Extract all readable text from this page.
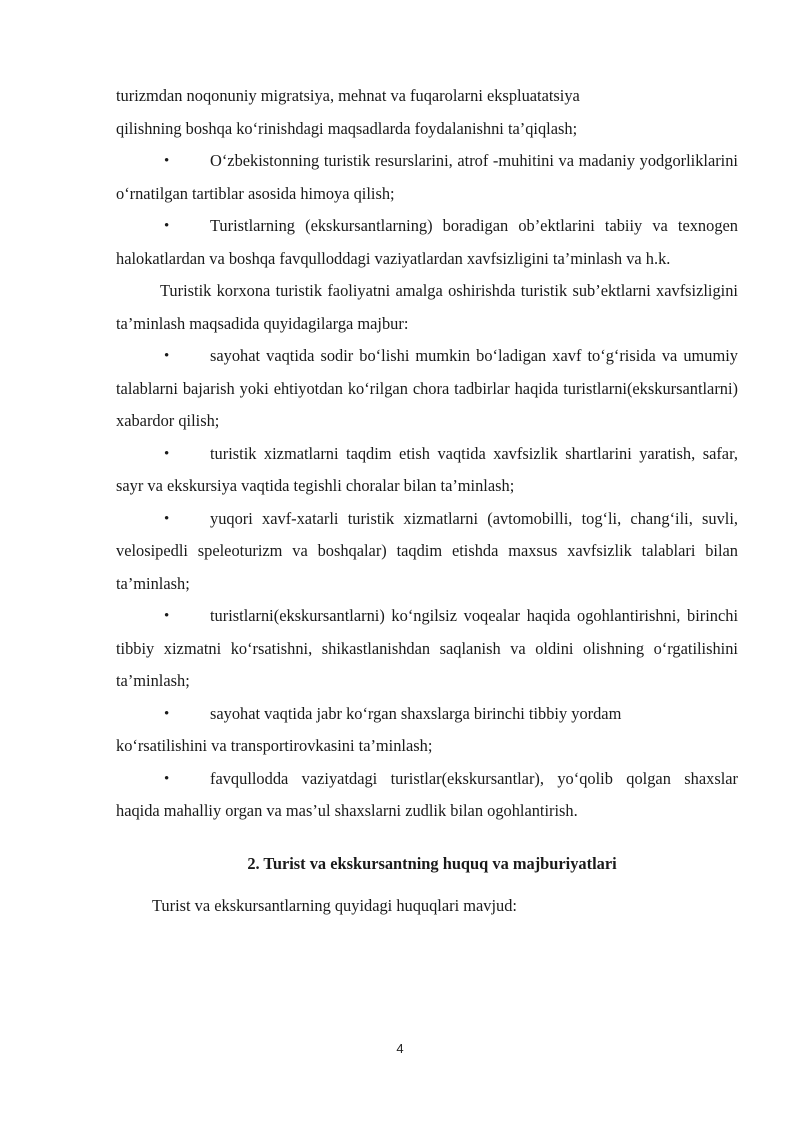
turizmdan noqonuniy migratsiya, mehnat va fuqarolarni ekspluatatsiya

qilishning boshqa ko‘rinishdagi maqsadlarda foydalanishni ta’qiqlash;

• O‘zbekistonning turistik resurslarini, atrof -muhitini va madaniy yodgorliklarini o‘rnatilgan tartiblar asosida himoya qilish;

• Turistlarning (ekskursantlarning) boradigan ob’ektlarini tabiiy va texnogen halokatlardan va boshqa favqulloddagi vaziyatlardan xavfsizligini ta’minlash va h.k.

Turistik korxona turistik faoliyatni amalga oshirishda turistik sub’ektlarni xavfsizligini ta’minlash maqsadida quyidagilarga majbur:

• sayohat vaqtida sodir bo‘lishi mumkin bo‘ladigan xavf to‘g‘risida va umumiy talablarni bajarish yoki ehtiyotdan ko‘rilgan chora tadbirlar haqida turistlarni(ekskursantlarni) xabardor qilish;

• turistik xizmatlarni taqdim etish vaqtida xavfsizlik shartlarini yaratish, safar, sayr va ekskursiya vaqtida tegishli choralar bilan ta’minlash;

• yuqori xavf-xatarli turistik xizmatlarni (avtomobilli, tog‘li, chang‘ili, suvli, velosipedli speleoturizm va boshqalar) taqdim etishda maxsus xavfsizlik talablari bilan ta’minlash;

• turistlarni(ekskursantlarni) ko‘ngilsiz voqealar haqida ogohlantirishni, birinchi tibbiy xizmatni ko‘rsatishni, shikastlanishdan saqlanish va oldini olishning o‘rgatilishini ta’minlash;

• sayohat vaqtida jabr ko‘rgan shaxslarga birinchi tibbiy yordam

ko‘rsatilishini va transportirovkasini ta’minlash;

• favqullodda vaziyatdagi turistlar(ekskursantlar), yo‘qolib qolgan shaxslar haqida mahalliy organ va mas’ul shaxslarni zudlik bilan ogohlantirish.

2. Turist va ekskursantning huquq va majburiyatlari

Turist va ekskursantlarning quyidagi huquqlari mavjud:

4
